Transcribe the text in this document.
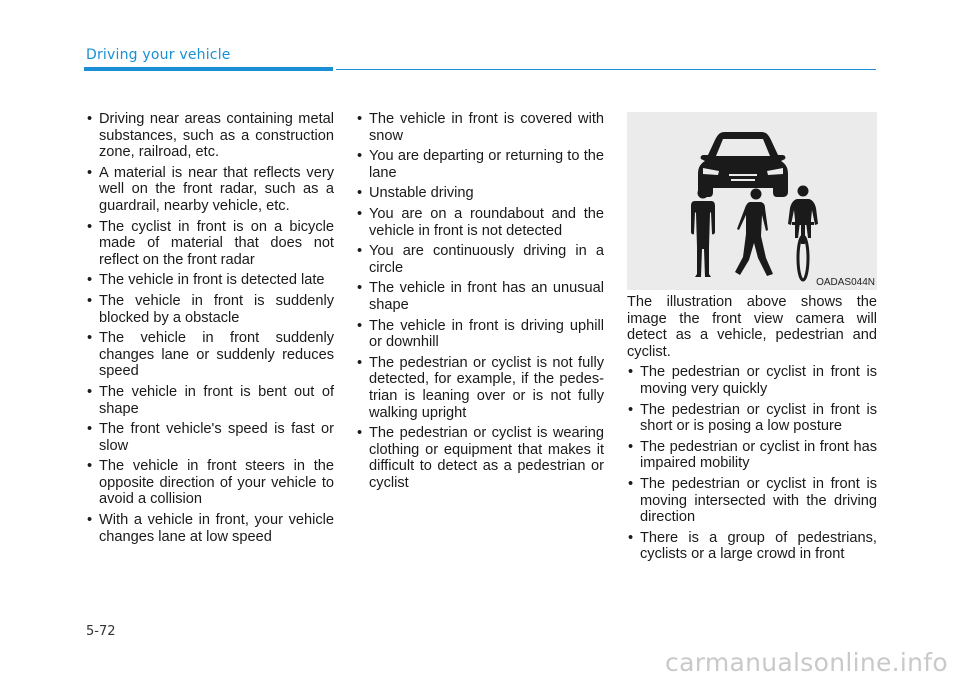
Driving your vehicle
• Driving near areas containing metal substances, such as a construction zone, railroad, etc.
• A material is near that reflects very well on the front radar, such as a guardrail, nearby vehicle, etc.
• The cyclist in front is on a bicycle made of material that does not reflect on the front radar
• The vehicle in front is detected late
• The vehicle in front is suddenly blocked by a obstacle
• The vehicle in front suddenly changes lane or suddenly reduces speed
• The vehicle in front is bent out of shape
• The front vehicle's speed is fast or slow
• The vehicle in front steers in the opposite direction of your vehicle to avoid a collision
• With a vehicle in front, your vehicle changes lane at low speed
• The vehicle in front is covered with snow
• You are departing or returning to the lane
• Unstable driving
• You are on a roundabout and the vehicle in front is not detected
• You are continuously driving in a circle
• The vehicle in front has an unusual shape
• The vehicle in front is driving uphill or downhill
• The pedestrian or cyclist is not fully detected, for example, if the pedestrian is leaning over or is not fully walking upright
• The pedestrian or cyclist is wearing clothing or equipment that makes it difficult to detect as a pedestrian or cyclist
OADAS044N

The illustration above shows the image the front view camera will detect as a vehicle, pedestrian and cyclist.

• The pedestrian or cyclist in front is moving very quickly
• The pedestrian or cyclist in front is short or is posing a low posture
• The pedestrian or cyclist in front has impaired mobility
• The pedestrian or cyclist in front is moving intersected with the driving direction
• There is a group of pedestrians, cyclists or a large crowd in front
5-72
carmanualsonline.info
